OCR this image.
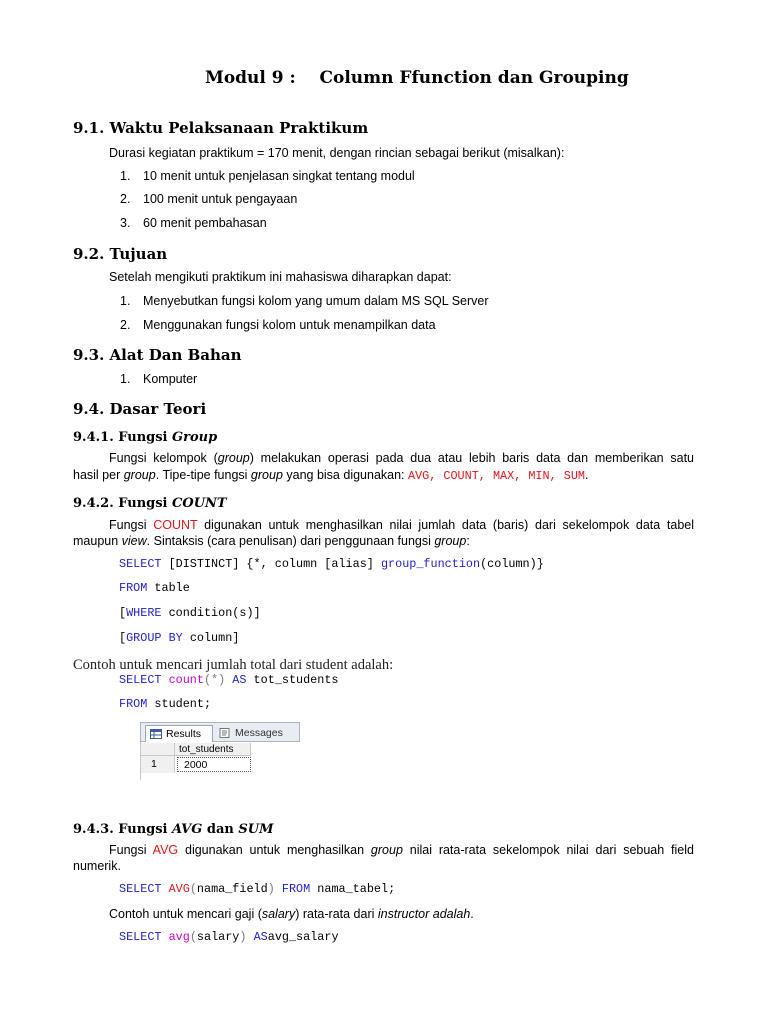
Modul 9 :    Column Ffunction dan Grouping
9.1. Waktu Pelaksanaan Praktikum
Durasi kegiatan praktikum = 170 menit, dengan rincian sebagai berikut (misalkan):
1. 10 menit untuk penjelasan singkat tentang modul
2. 100 menit untuk pengayaan
3. 60 menit pembahasan
9.2. Tujuan
Setelah mengikuti praktikum ini mahasiswa diharapkan dapat:
1. Menyebutkan fungsi kolom yang umum dalam MS SQL Server
2. Menggunakan fungsi kolom untuk menampilkan data
9.3. Alat Dan Bahan
1. Komputer
9.4. Dasar Teori
9.4.1. Fungsi Group
Fungsi kelompok (group) melakukan operasi pada dua atau lebih baris data dan memberikan satu
hasil per group. Tipe-tipe fungsi group yang bisa digunakan: AVG, COUNT, MAX, MIN, SUM.
9.4.2. Fungsi COUNT
Fungsi COUNT digunakan untuk menghasilkan nilai jumlah data (baris) dari sekelompok data tabel
maupun view. Sintaksis (cara penulisan) dari penggunaan fungsi group:
SELECT [DISTINCT] {*, column [alias] group_function(column)}
FROM table
[WHERE condition(s)]
[GROUP BY column]
Contoh untuk mencari jumlah total dari student adalah:
SELECT count(*) AS tot_students
FROM student;
Results	Messages
tot_students
1	2000
9.4.3. Fungsi AVG dan SUM
Fungsi AVG digunakan untuk menghasilkan group nilai rata-rata sekelompok nilai dari sebuah field
numerik.
SELECT AVG(nama_field) FROM nama_tabel;
Contoh untuk mencari gaji (salary) rata-rata dari instructor adalah.
SELECT avg(salary) ASavg_salary
